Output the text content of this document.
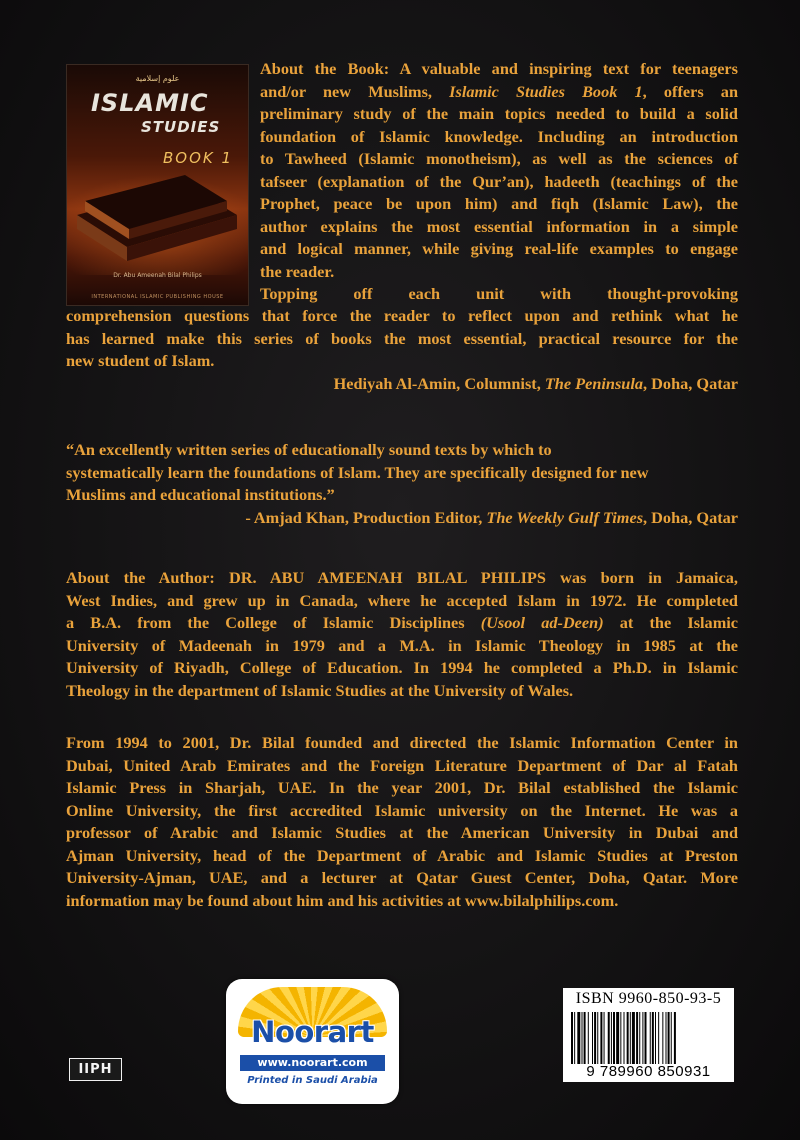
علوم إسلامية
ISLAMIC
STUDIES
BOOK 1
Dr. Abu Ameenah Bilal Philips
INTERNATIONAL ISLAMIC PUBLISHING HOUSE
About the Book: A valuable and inspiring text for teenagers
and/or new Muslims, Islamic Studies Book 1, offers an
preliminary study of the main topics needed to build a solid
foundation of Islamic knowledge. Including an introduction
to Tawheed (Islamic monotheism), as well as the sciences of
tafseer (explanation of the Qur’an), hadeeth (teachings of the
Prophet, peace be upon him) and fiqh (Islamic Law), the
author explains the most essential information in a simple
and logical manner, while giving real-life examples to engage
the reader.
Topping off each unit with thought-provoking
comprehension questions that force the reader to reflect upon and rethink what he
has learned make this series of books the most essential, practical resource for the
new student of Islam.
Hediyah Al-Amin, Columnist, The Peninsula, Doha, Qatar
“An excellently written series of educationally sound texts by which to
systematically learn the foundations of Islam. They are specifically designed for new
Muslims and educational institutions.”
- Amjad Khan, Production Editor, The Weekly Gulf Times, Doha, Qatar
About the Author: DR. ABU AMEENAH BILAL PHILIPS was born in Jamaica,
West Indies, and grew up in Canada, where he accepted Islam in 1972. He completed
a B.A. from the College of Islamic Disciplines (Usool ad-Deen) at the Islamic
University of Madeenah in 1979 and a M.A. in Islamic Theology in 1985 at the
University of Riyadh, College of Education. In 1994 he completed a Ph.D. in Islamic
Theology in the department of Islamic Studies at the University of Wales.
From 1994 to 2001, Dr. Bilal founded and directed the Islamic Information Center in
Dubai, United Arab Emirates and the Foreign Literature Department of Dar al Fatah
Islamic Press in Sharjah, UAE. In the year 2001, Dr. Bilal established the Islamic
Online University, the first accredited Islamic university on the Internet. He was a
professor of Arabic and Islamic Studies at the American University in Dubai and
Ajman University, head of the Department of Arabic and Islamic Studies at Preston
University-Ajman, UAE, and a lecturer at Qatar Guest Center, Doha, Qatar. More
information may be found about him and his activities at www.bilalphilips.com.
IIPH
Noorart
www.noorart.com
Printed in Saudi Arabia
ISBN 9960-850-93-5
9 789960 850931
